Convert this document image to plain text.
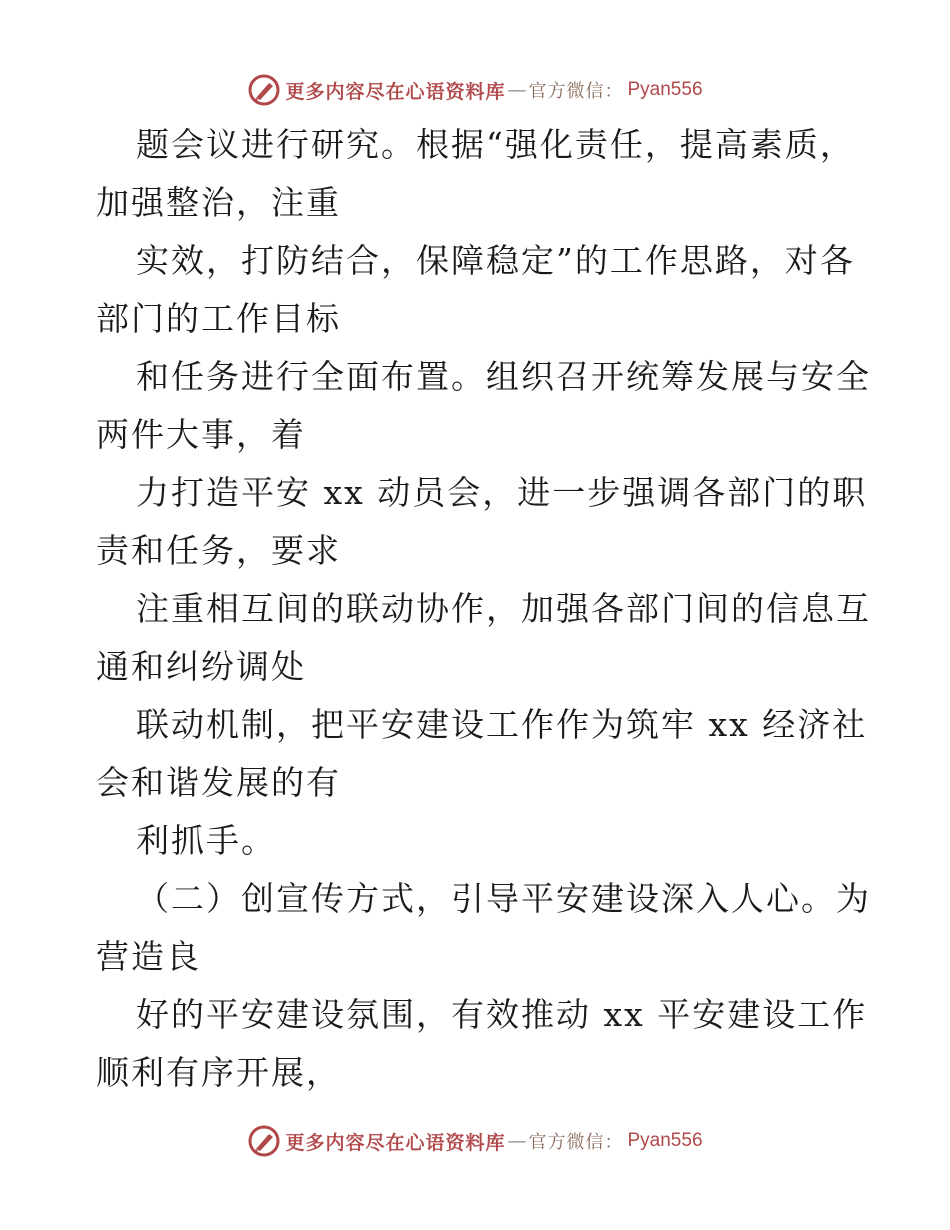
更多内容尽在心语资料库 — 官方微信： Pyan556
题会议进行研究。根据“强化责任，提高素质，
加强整治，注重
实效，打防结合，保障稳定”的工作思路，对各
部门的工作目标
和任务进行全面布置。组织召开统筹发展与安全
两件大事，着
力打造平安 xx 动员会，进一步强调各部门的职
责和任务，要求
注重相互间的联动协作，加强各部门间的信息互
通和纠纷调处
联动机制，把平安建设工作作为筑牢 xx 经济社
会和谐发展的有
利抓手。
（二）创宣传方式，引导平安建设深入人心。为
营造良
好的平安建设氛围，有效推动 xx 平安建设工作
顺利有序开展，
更多内容尽在心语资料库 — 官方微信： Pyan556
